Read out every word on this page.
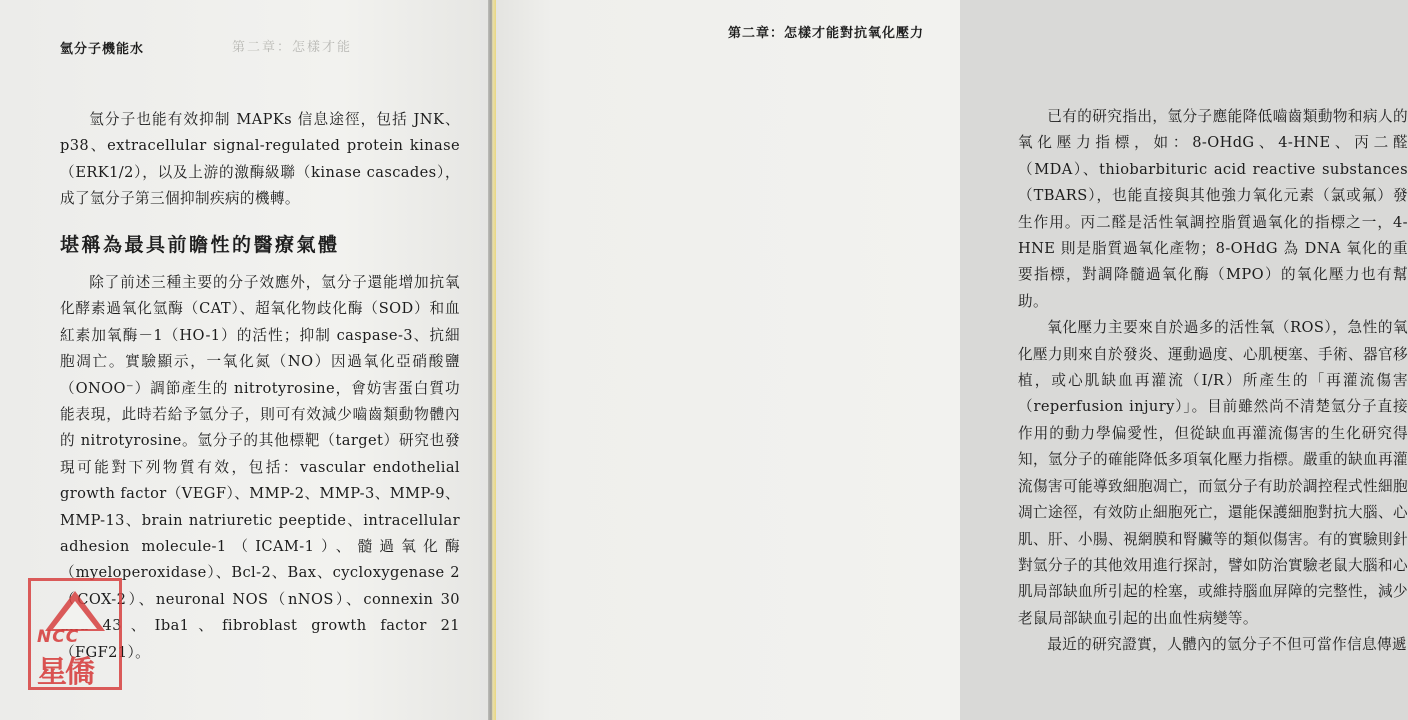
氫分子機能水	第二章：怎樣才能

氫分子也能有效抑制 MAPKs 信息途徑，包括 JNK、p38、extracellular signal-regulated protein kinase（ERK1/2），以及上游的激酶級聯（kinase cascades），成了氫分子第三個抑制疾病的機轉。

堪稱為最具前瞻性的醫療氣體

除了前述三種主要的分子效應外，氫分子還能增加抗氧化酵素過氧化氫酶（CAT）、超氧化物歧化酶（SOD）和血紅素加氧酶－1（HO-1）的活性；抑制 caspase-3、抗細胞凋亡。實驗顯示，一氧化氮（NO）因過氧化亞硝酸鹽（ONOO⁻）調節產生的 nitrotyrosine，會妨害蛋白質功能表現，此時若給予氫分子，則可有效減少嚙齒類動物體內的 nitrotyrosine。氫分子的其他標靶（target）研究也發現可能對下列物質有效，包括：vascular endothelial growth factor（VEGF）、MMP-2、MMP-3、MMP-9、MMP-13、brain natriuretic peeptide、intracellular adhesion molecule-1（ICAM-1）、髓過氧化酶（myeloperoxidase）、Bcl-2、Bax、cycloxygenase 2（COX-2）、neuronal NOS（nNOS）、connexin 30 and 43、Iba1、fibroblast growth factor 21（FGF21）。

NCC
星僑
第二章：怎樣才能對抗氧化壓力

已有的研究指出，氫分子應能降低嚙齒類動物和病人的氧化壓力指標，如：8-OHdG、4-HNE、丙二醛（MDA）、thiobarbituric acid reactive substances（TBARS），也能直接與其他強力氧化元素（氯或氟）發生作用。丙二醛是活性氧調控脂質過氧化的指標之一，4-HNE 則是脂質過氧化產物；8-OHdG 為 DNA 氧化的重要指標，對調降髓過氧化酶（MPO）的氧化壓力也有幫助。

氧化壓力主要來自於過多的活性氧（ROS），急性的氧化壓力則來自於發炎、運動過度、心肌梗塞、手術、器官移植，或心肌缺血再灌流（I/R）所產生的「再灌流傷害（reperfusion injury）」。目前雖然尚不清楚氫分子直接作用的動力學偏愛性，但從缺血再灌流傷害的生化研究得知，氫分子的確能降低多項氧化壓力指標。嚴重的缺血再灌流傷害可能導致細胞凋亡，而氫分子有助於調控程式性細胞凋亡途徑，有效防止細胞死亡，還能保護細胞對抗大腦、心肌、肝、小腸、視網膜和腎臟等的類似傷害。有的實驗則針對氫分子的其他效用進行探討，譬如防治實驗老鼠大腦和心肌局部缺血所引起的栓塞，或維持腦血屏障的完整性，減少老鼠局部缺血引起的出血性病變等。

最近的研究證實，人體內的氫分子不但可當作信息傳遞
